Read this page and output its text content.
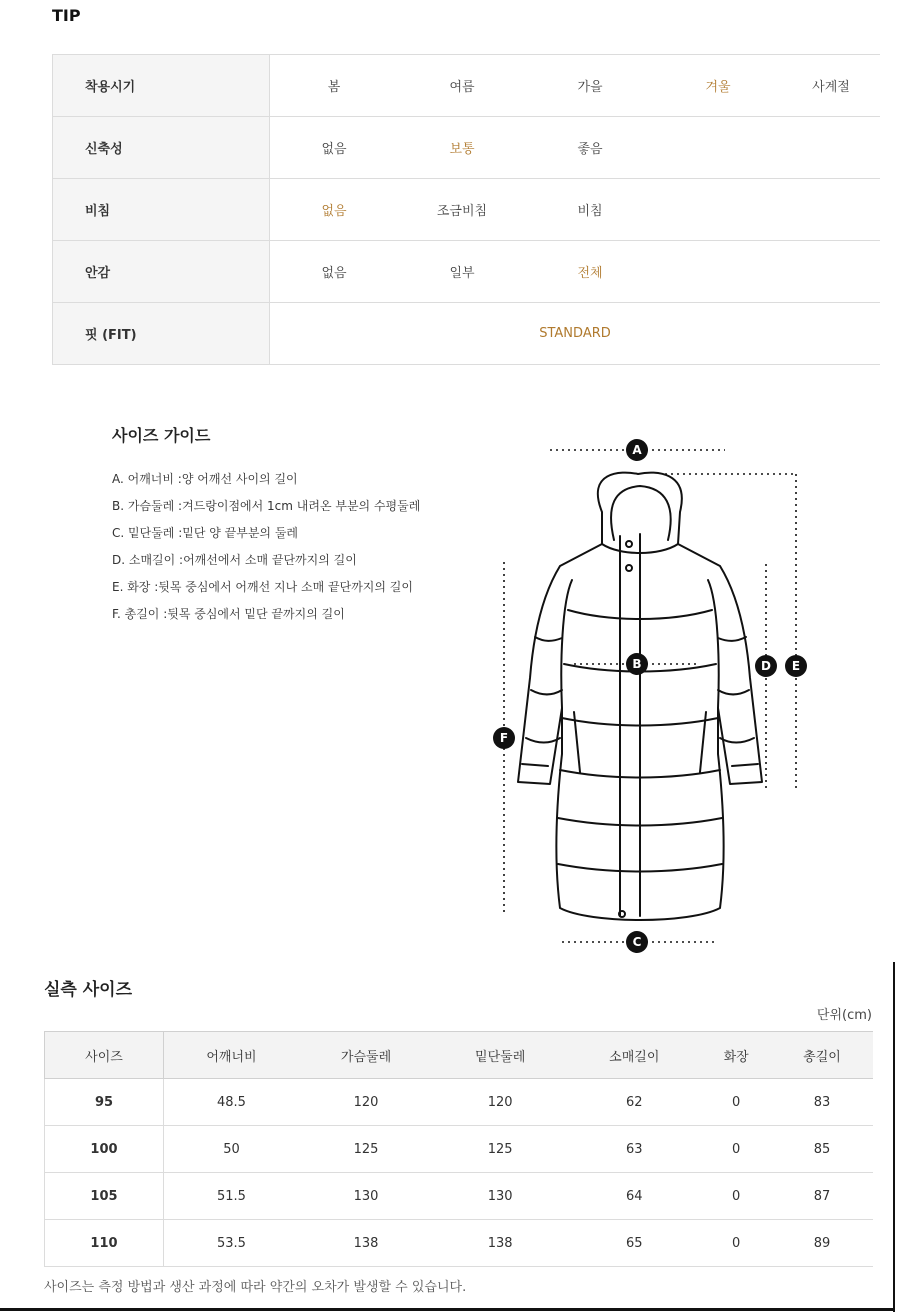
TIP
착용시기	봄	여름	가을	겨울	사계절
신축성	없음	보통	좋음		
비침	없음	조금비침	비침		
안감	없음	일부	전체		
핏 (FIT)	STANDARD				
사이즈 가이드
A. 어깨너비 :양 어깨선 사이의 길이
B. 가슴둘레 :겨드랑이점에서 1cm 내려온 부분의 수평둘레
C. 밑단둘레 :밑단 양 끝부분의 둘레
D. 소매길이 :어깨선에서 소매 끝단까지의 길이
E. 화장 :뒷목 중심에서 어깨선 지나 소매 끝단까지의 길이
F. 총길이 :뒷목 중심에서 밑단 끝까지의 길이
A
B
C
D E
F
실측 사이즈
단위(cm)
사이즈	어깨너비	가슴둘레	밑단둘레	소매길이	화장	총길이
95	48.5	120	120	62	0	83
100	50	125	125	63	0	85
105	51.5	130	130	64	0	87
110	53.5	138	138	65	0	89
사이즈는 측정 방법과 생산 과정에 따라 약간의 오차가 발생할 수 있습니다.
